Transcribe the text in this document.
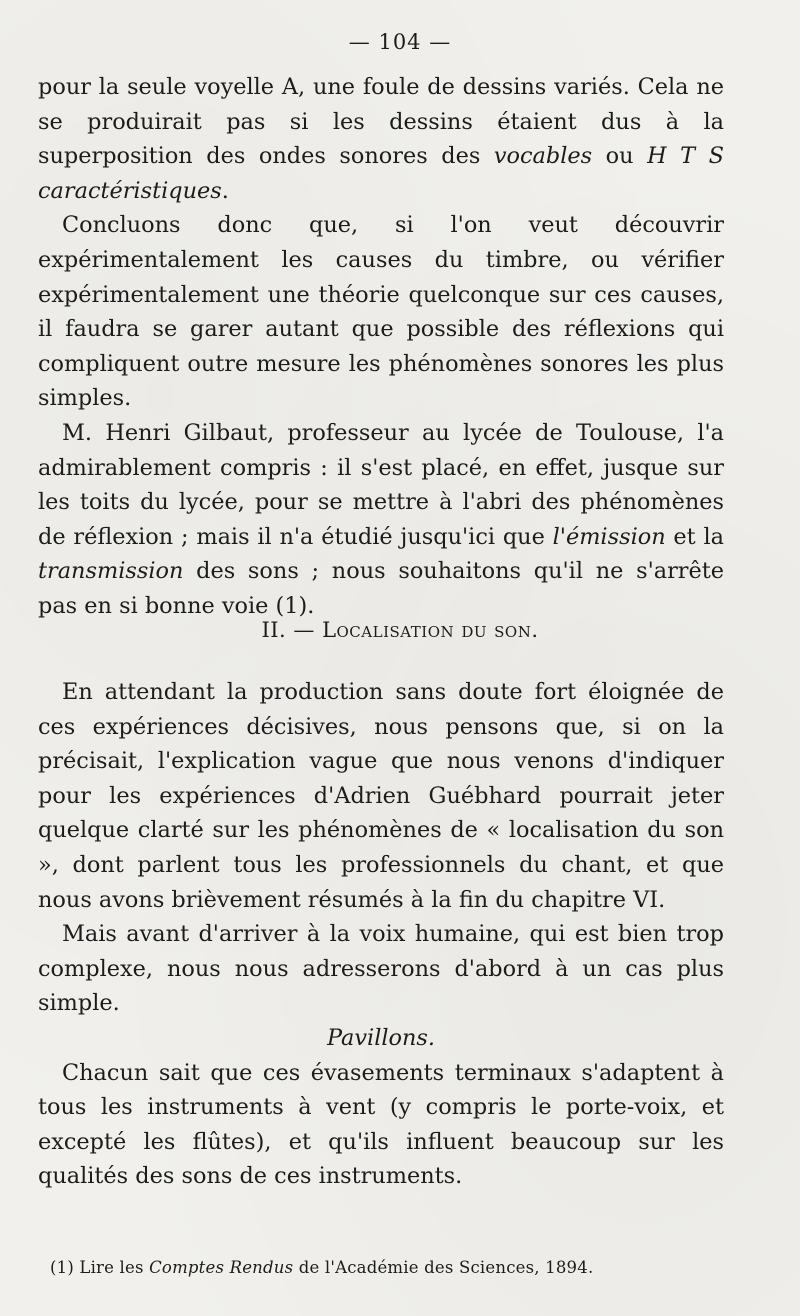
— 104 —

pour la seule voyelle A, une foule de dessins variés. Cela ne se produirait pas si les dessins étaient dus à la superposition des ondes sonores des vocables ou H T S caractéristiques.

Concluons donc que, si l'on veut découvrir expérimentalement les causes du timbre, ou vérifier expérimentalement une théorie quelconque sur ces causes, il faudra se garer autant que possible des réflexions qui compliquent outre mesure les phénomènes sonores les plus simples.

M. Henri Gilbaut, professeur au lycée de Toulouse, l'a admirablement compris : il s'est placé, en effet, jusque sur les toits du lycée, pour se mettre à l'abri des phénomènes de réflexion ; mais il n'a étudié jusqu'ici que l'émission et la transmission des sons ; nous souhaitons qu'il ne s'arrête pas en si bonne voie (1).

II. — Localisation du son.

En attendant la production sans doute fort éloignée de ces expériences décisives, nous pensons que, si on la précisait, l'explication vague que nous venons d'indiquer pour les expériences d'Adrien Guébhard pourrait jeter quelque clarté sur les phénomènes de « localisation du son », dont parlent tous les professionnels du chant, et que nous avons brièvement résumés à la fin du chapitre VI.

Mais avant d'arriver à la voix humaine, qui est bien trop complexe, nous nous adresserons d'abord à un cas plus simple.

Pavillons.

Chacun sait que ces évasements terminaux s'adaptent à tous les instruments à vent (y compris le porte-voix, et excepté les flûtes), et qu'ils influent beaucoup sur les qualités des sons de ces instruments.

(1) Lire les Comptes Rendus de l'Académie des Sciences, 1894.
